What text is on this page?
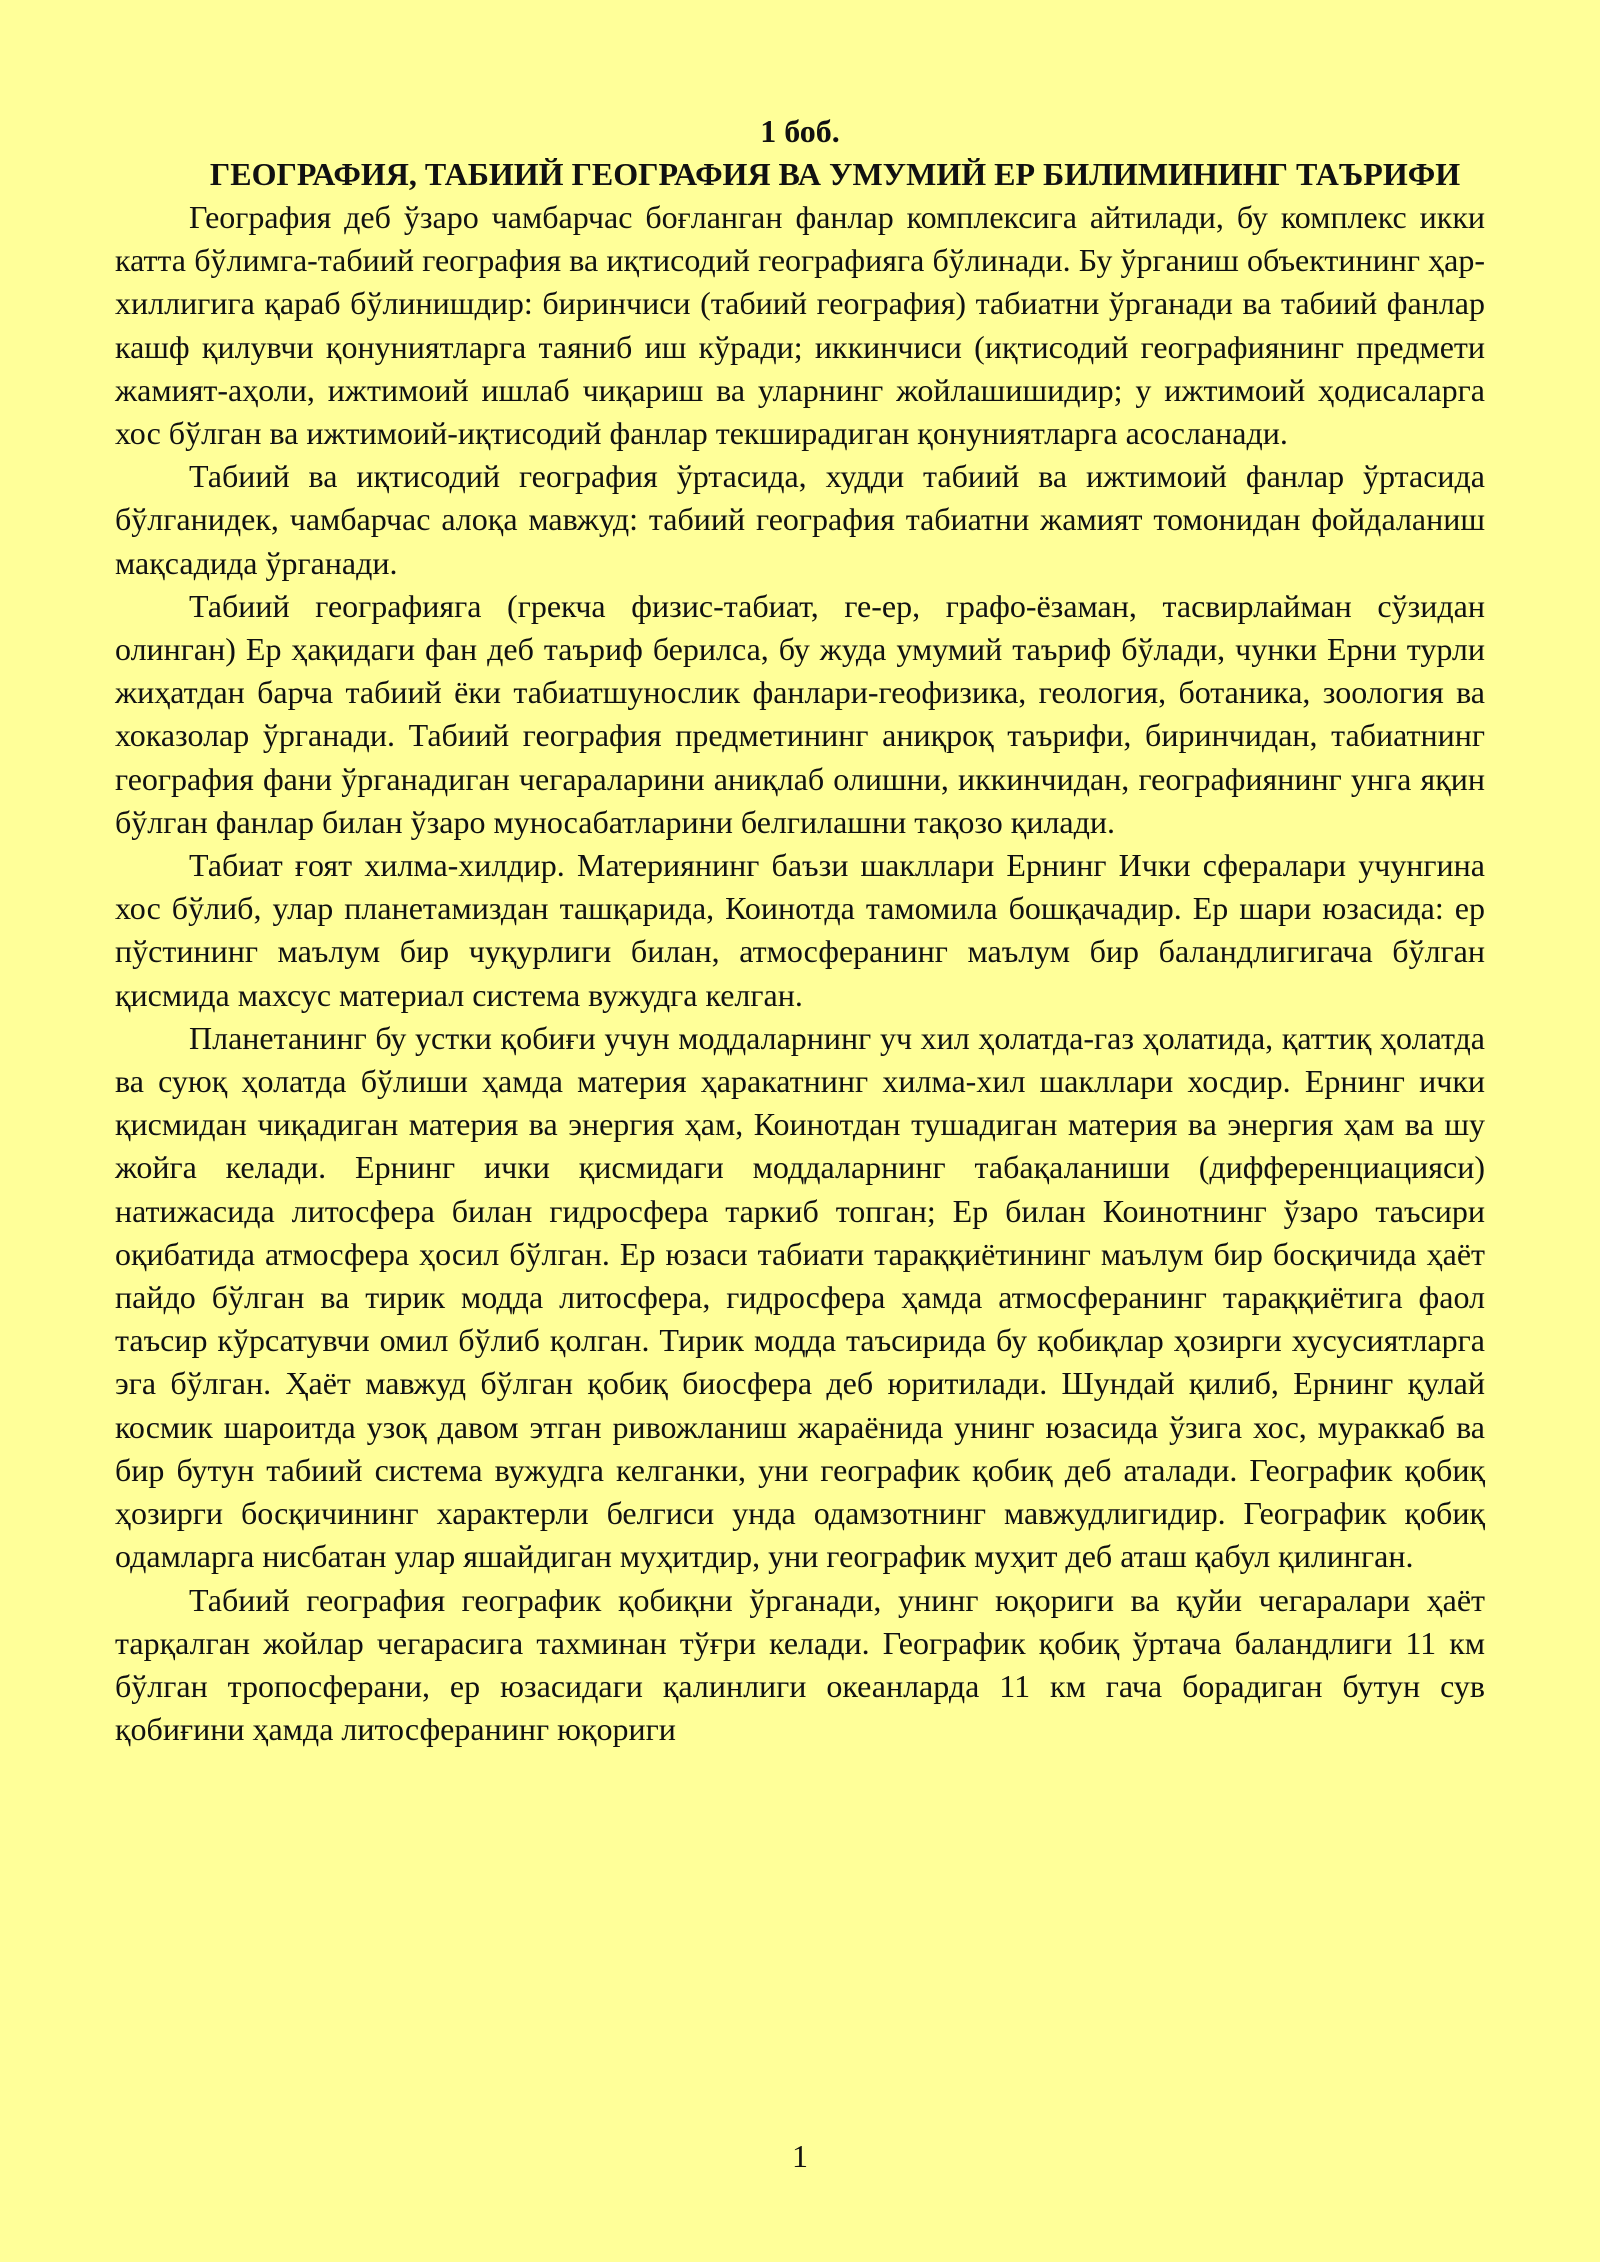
1 боб.

ГЕОГРАФИЯ, ТАБИИЙ ГЕОГРАФИЯ ВА УМУМИЙ ЕР БИЛИМИНИНГ ТАЪРИФИ

География деб ўзаро чамбарчас боғланган фанлар комплексига айтилади, бу комплекс икки катта бўлимга-табиий география ва иқтисодий географияга бўлинади. Бу ўрганиш объектининг ҳар-хиллигига қараб бўлинишдир: биринчиси (табиий география) табиатни ўрганади ва табиий фанлар кашф қилувчи қонуниятларга таяниб иш кўради; иккинчиси (иқтисодий географиянинг предмети жамият-аҳоли, ижтимоий ишлаб чиқариш ва уларнинг жойлашишидир; у ижтимоий ҳодисаларга хос бўлган ва ижтимоий-иқтисодий фанлар текширадиган қонуниятларга асосланади.

Табиий ва иқтисодий география ўртасида, худди табиий ва ижтимоий фанлар ўртасида бўлганидек, чамбарчас алоқа мавжуд: табиий география табиатни жамият томонидан фойдаланиш мақсадида ўрганади.

Табиий географияга (грекча физис-табиат, ге-ер, графо-ёзаман, тасвирлайман сўзидан олинган) Ер ҳақидаги фан деб таъриф берилса, бу жуда умумий таъриф бўлади, чунки Ерни турли жиҳатдан барча табиий ёки табиатшунослик фанлари-геофизика, геология, ботаника, зоология ва хоказолар ўрганади. Табиий география предметининг аниқроқ таърифи, биринчидан, табиатнинг география фани ўрганадиган чегараларини аниқлаб олишни, иккинчидан, географиянинг унга яқин бўлган фанлар билан ўзаро муносабатларини белгилашни тақозо қилади.

Табиат ғоят хилма-хилдир. Материянинг баъзи шакллари Ернинг Ички сфералари учунгина хос бўлиб, улар планетамиздан ташқарида, Коинотда тамомила бошқачадир. Ер шари юзасида: ер пўстининг маълум бир чуқурлиги билан, атмосферанинг маълум бир баландлигигача бўлган қисмида махсус материал система вужудга келган.

Планетанинг бу устки қобиғи учун моддаларнинг уч хил ҳолатда-газ ҳолатида, қаттиқ ҳолатда ва суюқ ҳолатда бўлиши ҳамда материя ҳаракатнинг хилма-хил шакллари хосдир. Ернинг ички қисмидан чиқадиган материя ва энергия ҳам, Коинотдан тушадиган материя ва энергия ҳам ва шу жойга келади. Ернинг ички қисмидаги моддаларнинг табақаланиши (дифференциацияси) натижасида литосфера билан гидросфера таркиб топган; Ер билан Коинотнинг ўзаро таъсири оқибатида атмосфера ҳосил бўлган. Ер юзаси табиати тараққиётининг маълум бир босқичида ҳаёт пайдо бўлган ва тирик модда литосфера, гидросфера ҳамда атмосферанинг тараққиётига фаол таъсир кўрсатувчи омил бўлиб қолган. Тирик модда таъсирида бу қобиқлар ҳозирги хусусиятларга эга бўлган. Ҳаёт мавжуд бўлган қобиқ биосфера деб юритилади. Шундай қилиб, Ернинг қулай космик шароитда узоқ давом этган ривожланиш жараёнида унинг юзасида ўзига хос, мураккаб ва бир бутун табиий система вужудга келганки, уни географик қобиқ деб аталади. Географик қобиқ ҳозирги босқичининг характерли белгиси унда одамзотнинг мавжудлигидир. Географик қобиқ одамларга нисбатан улар яшайдиган муҳитдир, уни географик муҳит деб аташ қабул қилинган.

Табиий география географик қобиқни ўрганади, унинг юқориги ва қуйи чегаралари ҳаёт тарқалган жойлар чегарасига тахминан тўғри келади. Географик қобиқ ўртача баландлиги 11 км бўлган тропосферани, ер юзасидаги қалинлиги океанларда 11 км гача борадиган бутун сув қобиғини ҳамда литосферанинг юқориги

1
